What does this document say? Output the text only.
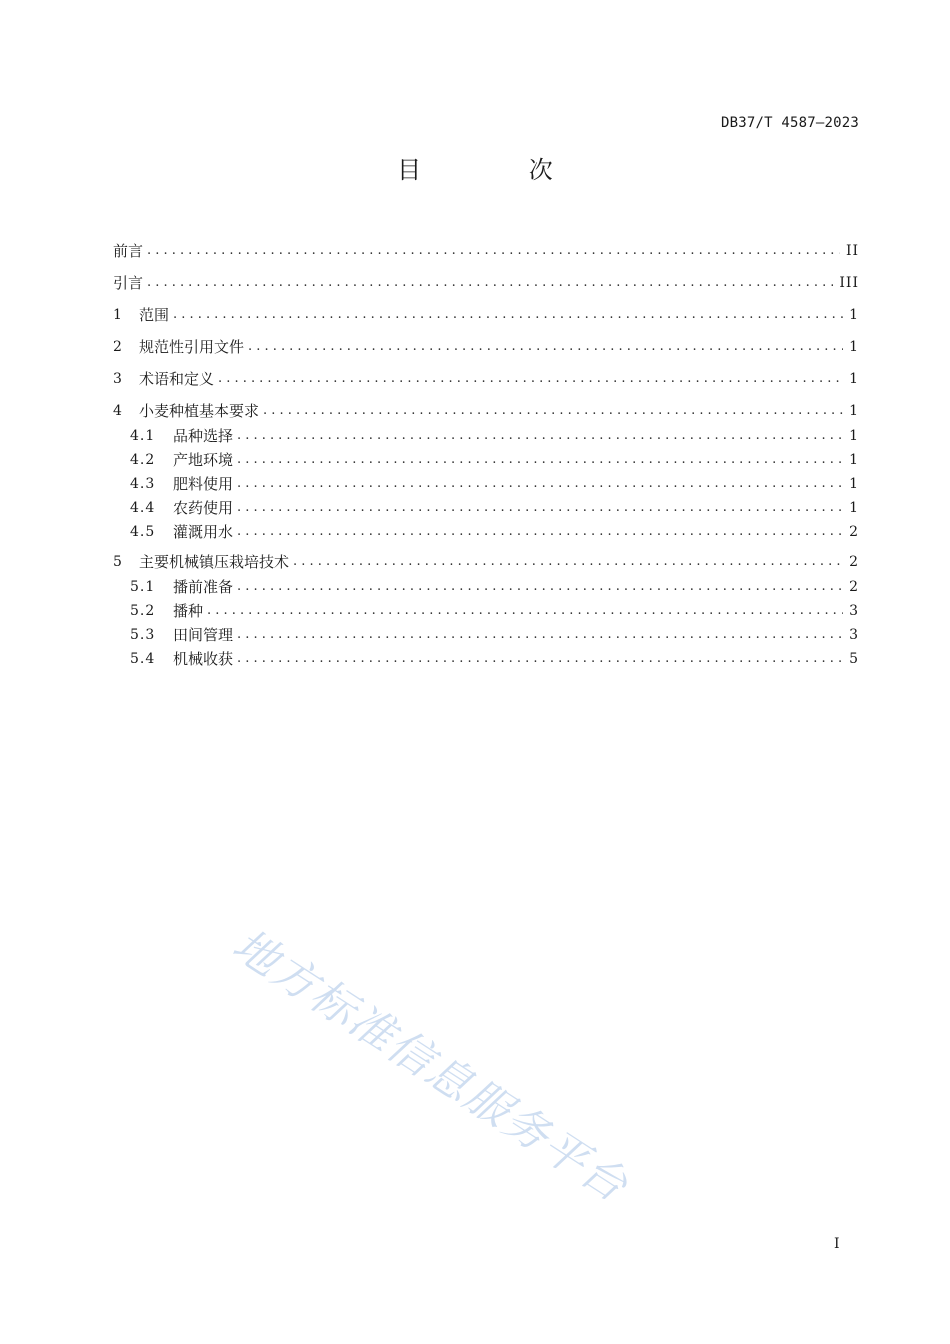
DB37/T 4587—2023
目 次
前言 .....	II
引言 .....	III
1	范围 .....	1
2	规范性引用文件 .....	1
3	术语和定义 .....	1
4	小麦种植基本要求 .....	1
4.1	品种选择 .....	1
4.2	产地环境 .....	1
4.3	肥料使用 .....	1
4.4	农药使用 .....	1
4.5	灌溉用水 .....	2
5	主要机械镇压栽培技术 .....	2
5.1	播前准备 .....	2
5.2	播种 .....	3
5.3	田间管理 .....	3
5.4	机械收获 .....	5
地方标准信息服务平台
I
